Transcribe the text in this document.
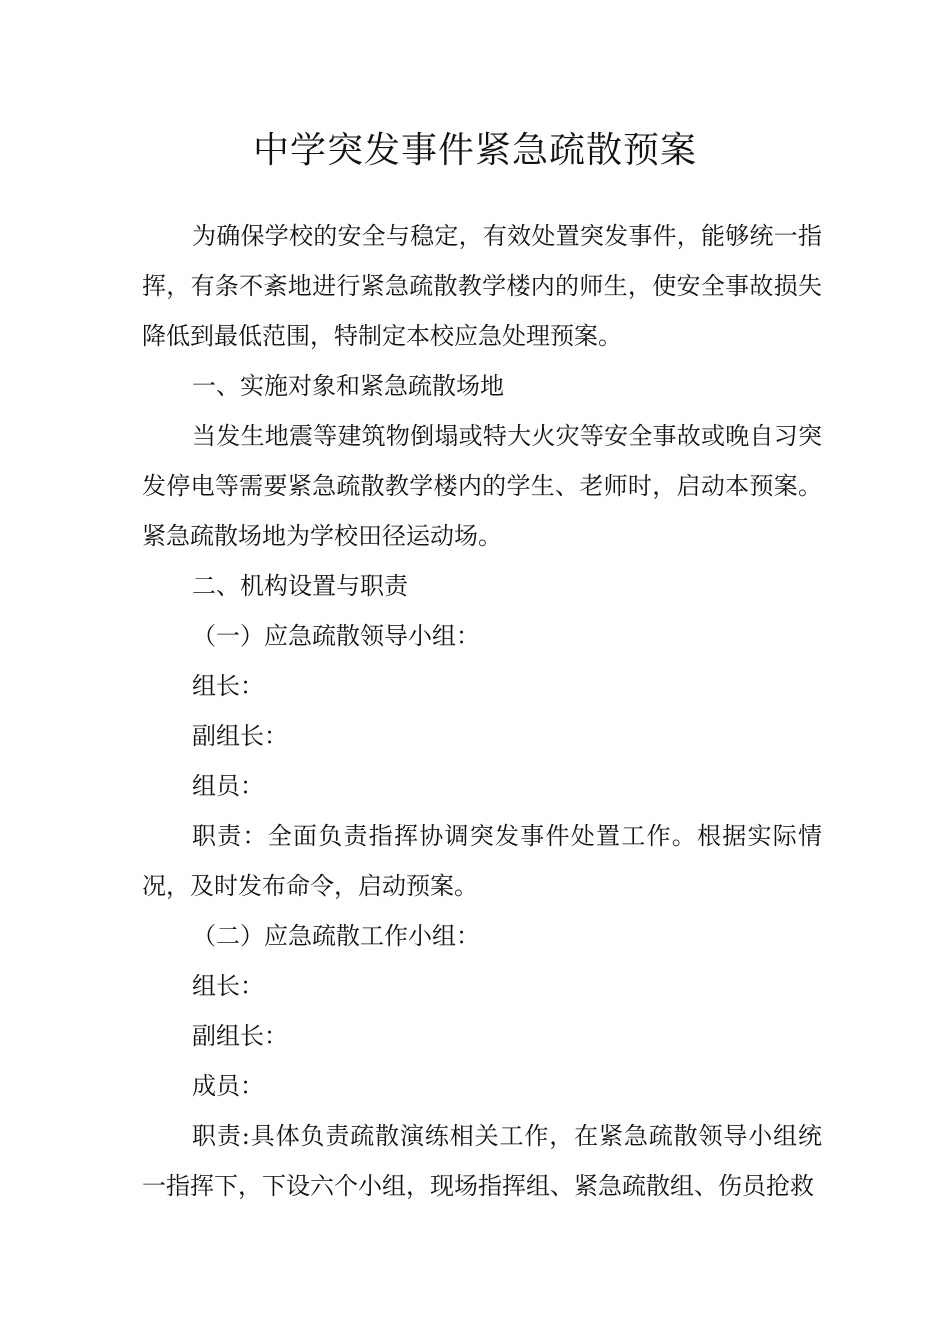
中学突发事件紧急疏散预案

为确保学校的安全与稳定，有效处置突发事件，能够统一指挥，有条不紊地进行紧急疏散教学楼内的师生，使安全事故损失降低到最低范围，特制定本校应急处理预案。

一、实施对象和紧急疏散场地

当发生地震等建筑物倒塌或特大火灾等安全事故或晚自习突发停电等需要紧急疏散教学楼内的学生、老师时，启动本预案。紧急疏散场地为学校田径运动场。

二、机构设置与职责

（一）应急疏散领导小组：

组长：

副组长：

组员：

职责：全面负责指挥协调突发事件处置工作。根据实际情况，及时发布命令，启动预案。

（二）应急疏散工作小组：

组长：

副组长：

成员：

职责:具体负责疏散演练相关工作，在紧急疏散领导小组统一指挥下，下设六个小组，现场指挥组、紧急疏散组、伤员抢救
